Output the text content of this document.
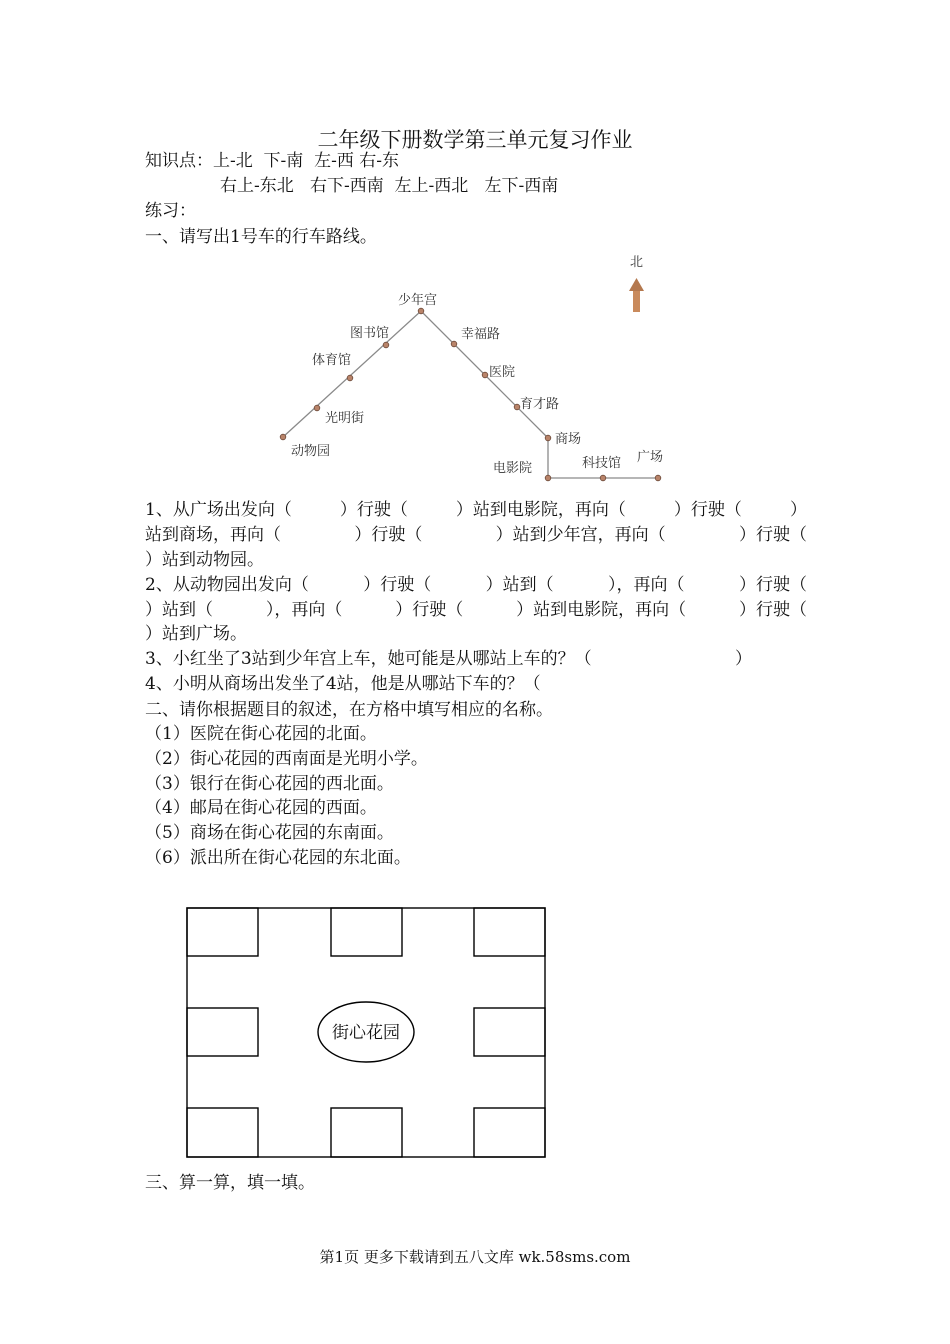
二年级下册数学第三单元复习作业
知识点：上-北  下-南  左-西 右-东
右上-东北   右下-西南  左上-西北   左下-西南
练习：
一、请写出1号车的行车路线。
少年宫
图书馆
体育馆
光明街
动物园
幸福路
医院
育才路
商场
电影院	科技馆 广场
北
1、从广场出发向（	）行驶（	）站到电影院，再向（	）行驶（	）
站到商场，再向（	）行驶（	）站到少年宫，再向（	）行驶（
）站到动物园。
2、从动物园出发向（	）行驶（	）站到（	），再向（	）行驶（
）站到（	），再向（	）行驶（	）站到电影院，再向（	）行驶（
）站到广场。
3、小红坐了3站到少年宫上车，她可能是从哪站上车的？（	）
4、小明从商场出发坐了4站，他是从哪站下车的？（
二、请你根据题目的叙述，在方格中填写相应的名称。
（1）医院在街心花园的北面。
（2）街心花园的西南面是光明小学。
（3）银行在街心花园的西北面。
（4）邮局在街心花园的西面。
（5）商场在街心花园的东南面。
（6）派出所在街心花园的东北面。
街心花园
三、算一算，填一填。
第1页 更多下载请到五八文库 wk.58sms.com
